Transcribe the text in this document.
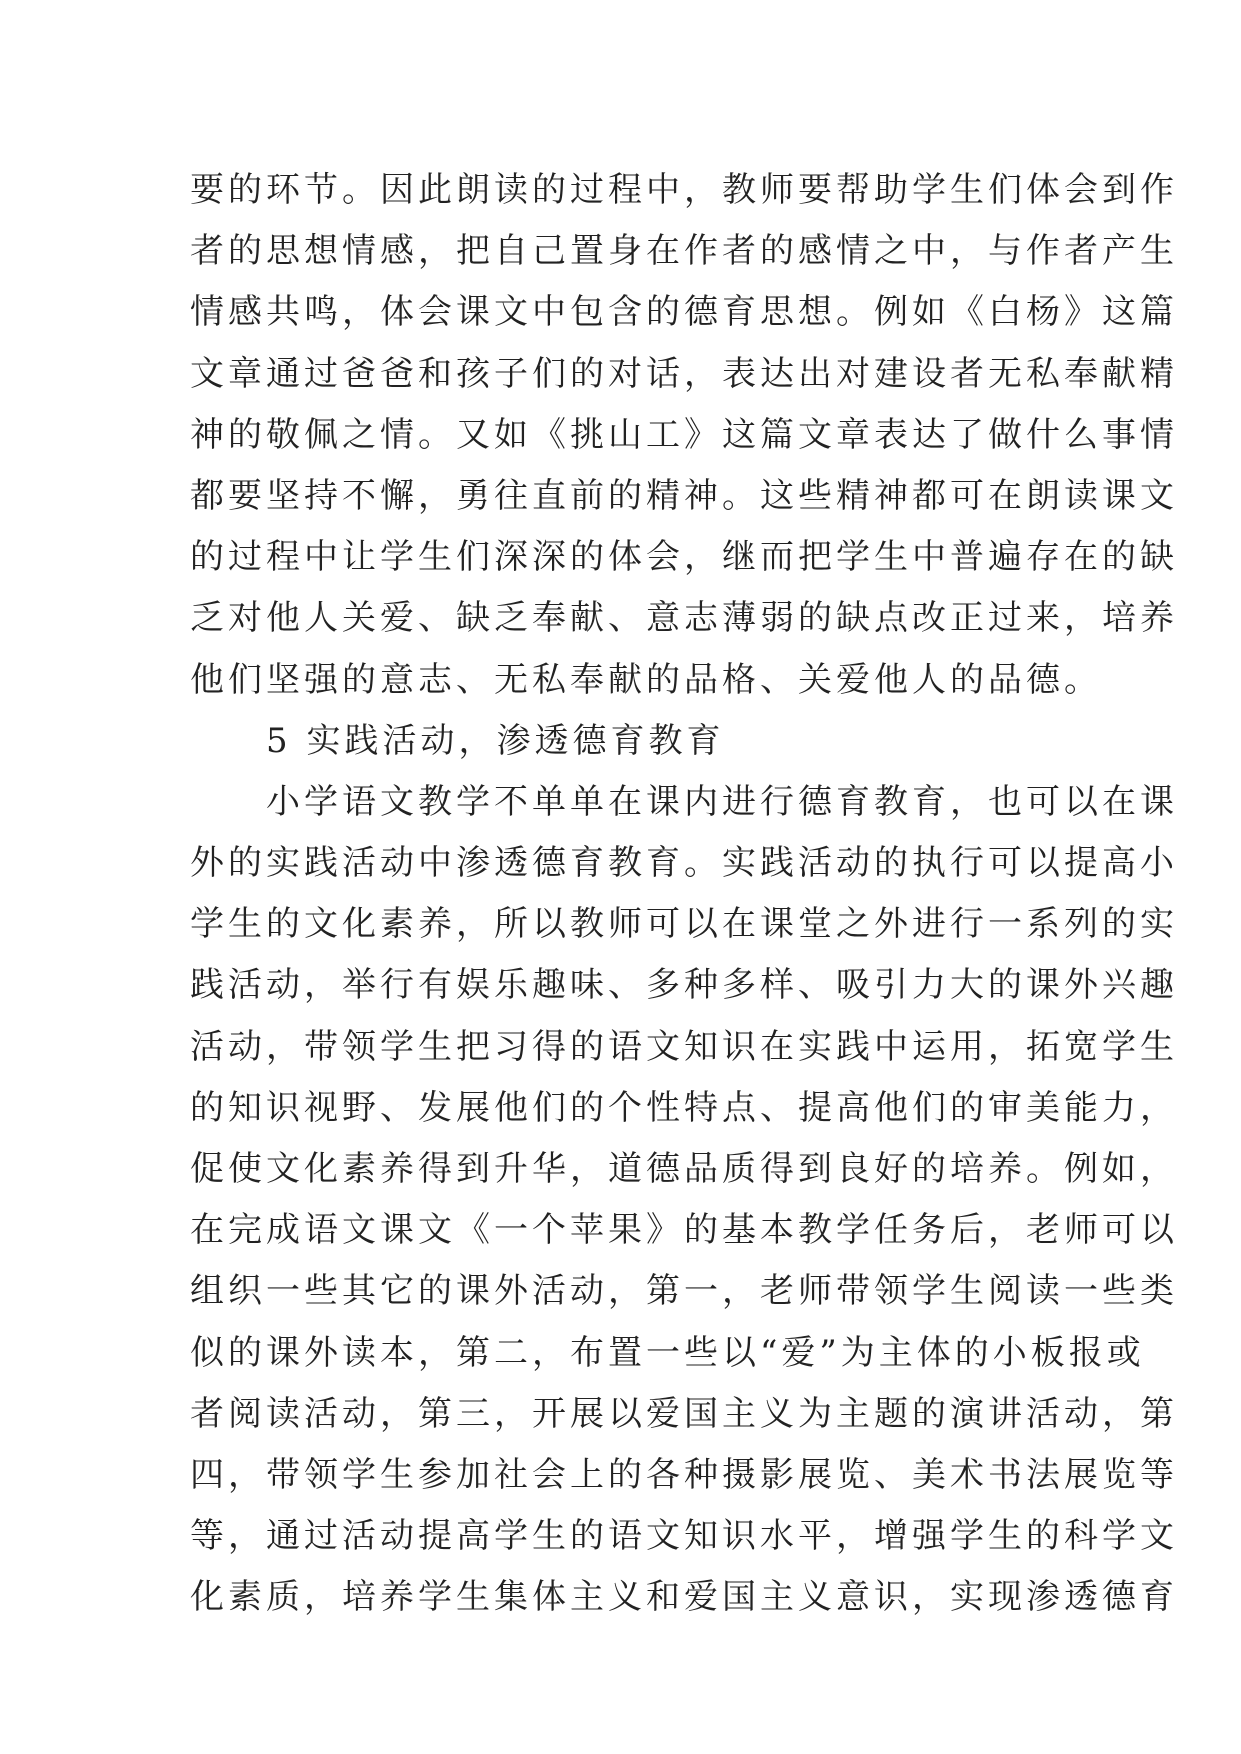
要的环节。因此朗读的过程中，教师要帮助学生们体会到作
者的思想情感，把自己置身在作者的感情之中，与作者产生
情感共鸣，体会课文中包含的德育思想。例如《白杨》这篇
文章通过爸爸和孩子们的对话，表达出对建设者无私奉献精
神的敬佩之情。又如《挑山工》这篇文章表达了做什么事情
都要坚持不懈，勇往直前的精神。这些精神都可在朗读课文
的过程中让学生们深深的体会，继而把学生中普遍存在的缺
乏对他人关爱、缺乏奉献、意志薄弱的缺点改正过来，培养
他们坚强的意志、无私奉献的品格、关爱他人的品德。
　　5 实践活动，渗透德育教育
　　小学语文教学不单单在课内进行德育教育，也可以在课
外的实践活动中渗透德育教育。实践活动的执行可以提高小
学生的文化素养，所以教师可以在课堂之外进行一系列的实
践活动，举行有娱乐趣味、多种多样、吸引力大的课外兴趣
活动，带领学生把习得的语文知识在实践中运用，拓宽学生
的知识视野、发展他们的个性特点、提高他们的审美能力，
促使文化素养得到升华，道德品质得到良好的培养。例如，
在完成语文课文《一个苹果》的基本教学任务后，老师可以
组织一些其它的课外活动，第一，老师带领学生阅读一些类
似的课外读本，第二，布置一些以“爱”为主体的小板报或
者阅读活动，第三，开展以爱国主义为主题的演讲活动，第
四，带领学生参加社会上的各种摄影展览、美术书法展览等
等，通过活动提高学生的语文知识水平，增强学生的科学文
化素质，培养学生集体主义和爱国主义意识，实现渗透德育
